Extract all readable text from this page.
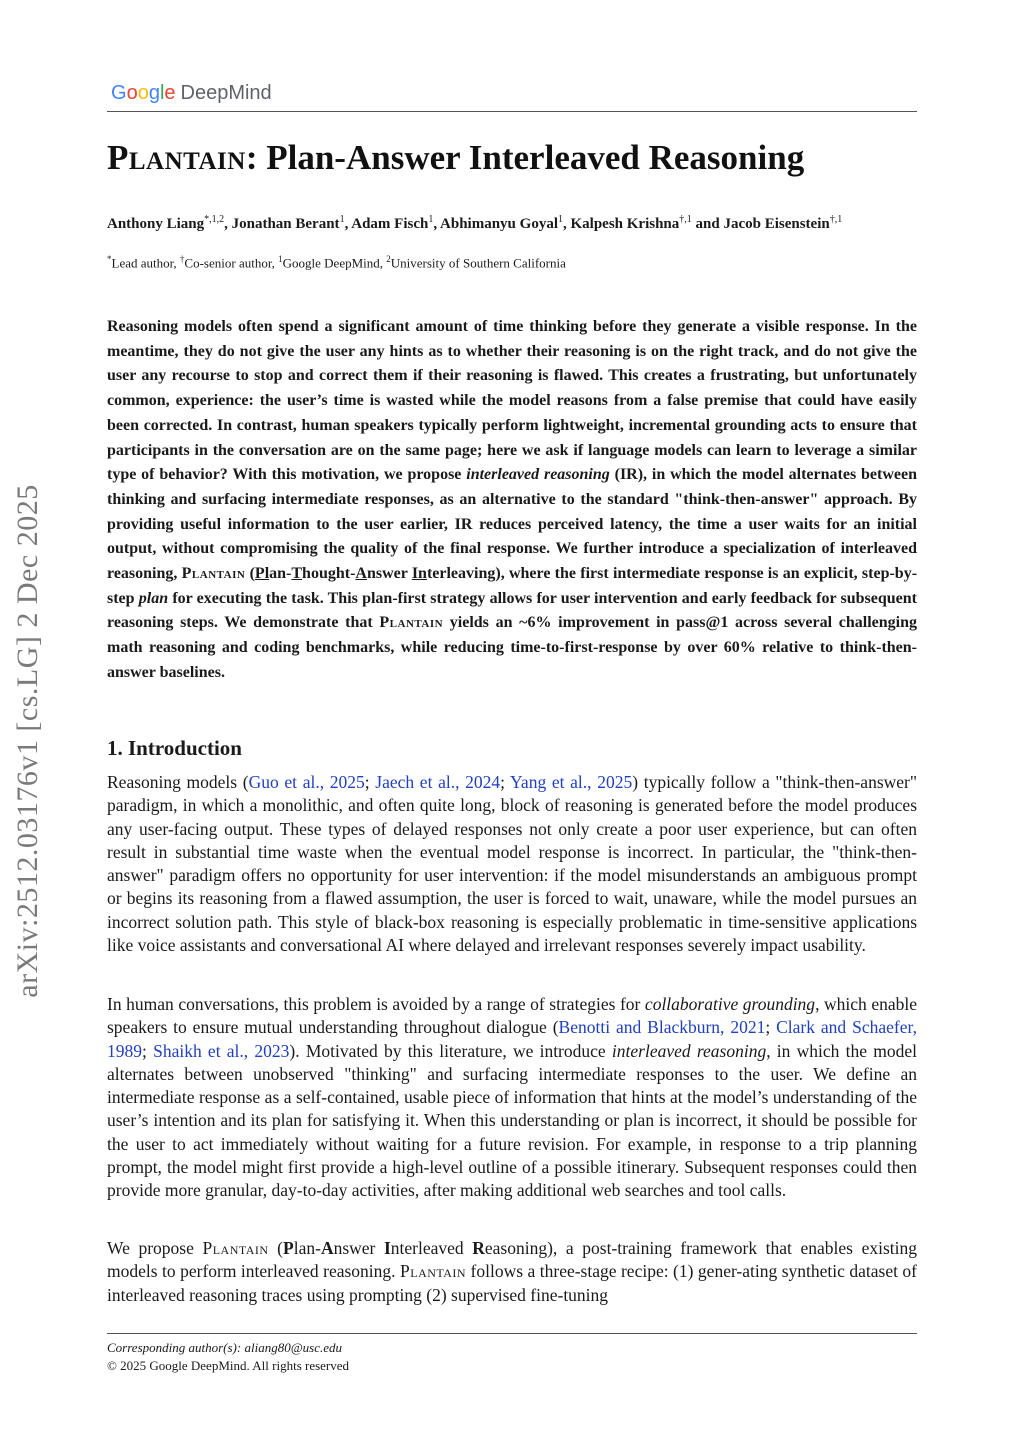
G o o g l e DeepMind
arXiv:2512.03176v1 [cs.LG] 2 Dec 2025
Plantain: Plan-Answer Interleaved Reasoning
Anthony Liang$^{*,1,2}$, Jonathan Berant$^1$, Adam Fisch$^1$, Abhimanyu Goyal$^1$, Kalpesh Krishna$^{\dagger,1}$ and Jacob Eisenstein$^{\dagger,1}$
*Lead author, †Co-senior author, $^1$Google DeepMind, $^2$University of Southern California
Reasoning models often spend a significant amount of time thinking before they generate a visible response. In the meantime, they do not give the user any hints as to whether their reasoning is on the right track, and do not give the user any recourse to stop and correct them if their reasoning is flawed. This creates a frustrating, but unfortunately common, experience: the user’s time is wasted while the model reasons from a false premise that could have easily been corrected. In contrast, human speakers typically perform lightweight, incremental grounding acts to ensure that participants in the conversation are on the same page; here we ask if language models can learn to leverage a similar type of behavior? With this motivation, we propose interleaved reasoning (IR), in which the model alternates between thinking and surfacing intermediate responses, as an alternative to the standard "think-then-answer" approach. By providing useful information to the user earlier, IR reduces perceived latency, the time a user waits for an initial output, without compromising the quality of the final response. We further introduce a specialization of interleaved reasoning, Plantain (Plan-Thought-Answer Interleaving), where the first intermediate response is an explicit, step-by-step plan for executing the task. This plan-first strategy allows for user intervention and early feedback for subsequent reasoning steps. We demonstrate that Plantain yields an ~6% improvement in pass@1 across several challenging math reasoning and coding benchmarks, while reducing time-to-first-response by over 60% relative to think-then-answer baselines.
1. Introduction
Reasoning models (Guo et al., 2025; Jaech et al., 2024; Yang et al., 2025) typically follow a "think-then-answer" paradigm, in which a monolithic, and often quite long, block of reasoning is generated before the model produces any user-facing output. These types of delayed responses not only create a poor user experience, but can often result in substantial time waste when the eventual model response is incorrect. In particular, the "think-then-answer" paradigm offers no opportunity for user intervention: if the model misunderstands an ambiguous prompt or begins its reasoning from a flawed assumption, the user is forced to wait, unaware, while the model pursues an incorrect solution path. This style of black-box reasoning is especially problematic in time-sensitive applications like voice assistants and conversational AI where delayed and irrelevant responses severely impact usability.
In human conversations, this problem is avoided by a range of strategies for collaborative grounding, which enable speakers to ensure mutual understanding throughout dialogue (Benotti and Blackburn, 2021; Clark and Schaefer, 1989; Shaikh et al., 2023). Motivated by this literature, we introduce interleaved reasoning, in which the model alternates between unobserved "thinking" and surfacing intermediate responses to the user. We define an intermediate response as a self-contained, usable piece of information that hints at the model’s understanding of the user’s intention and its plan for satisfying it. When this understanding or plan is incorrect, it should be possible for the user to act immediately without waiting for a future revision. For example, in response to a trip planning prompt, the model might first provide a high-level outline of a possible itinerary. Subsequent responses could then provide more granular, day-to-day activities, after making additional web searches and tool calls.
We propose Plantain (Plan-Answer Interleaved Reasoning), a post-training framework that enables existing models to perform interleaved reasoning. Plantain follows a three-stage recipe: (1) gener-ating synthetic dataset of interleaved reasoning traces using prompting (2) supervised fine-tuning
Corresponding author(s): aliang80@usc.edu
© 2025 Google DeepMind. All rights reserved
